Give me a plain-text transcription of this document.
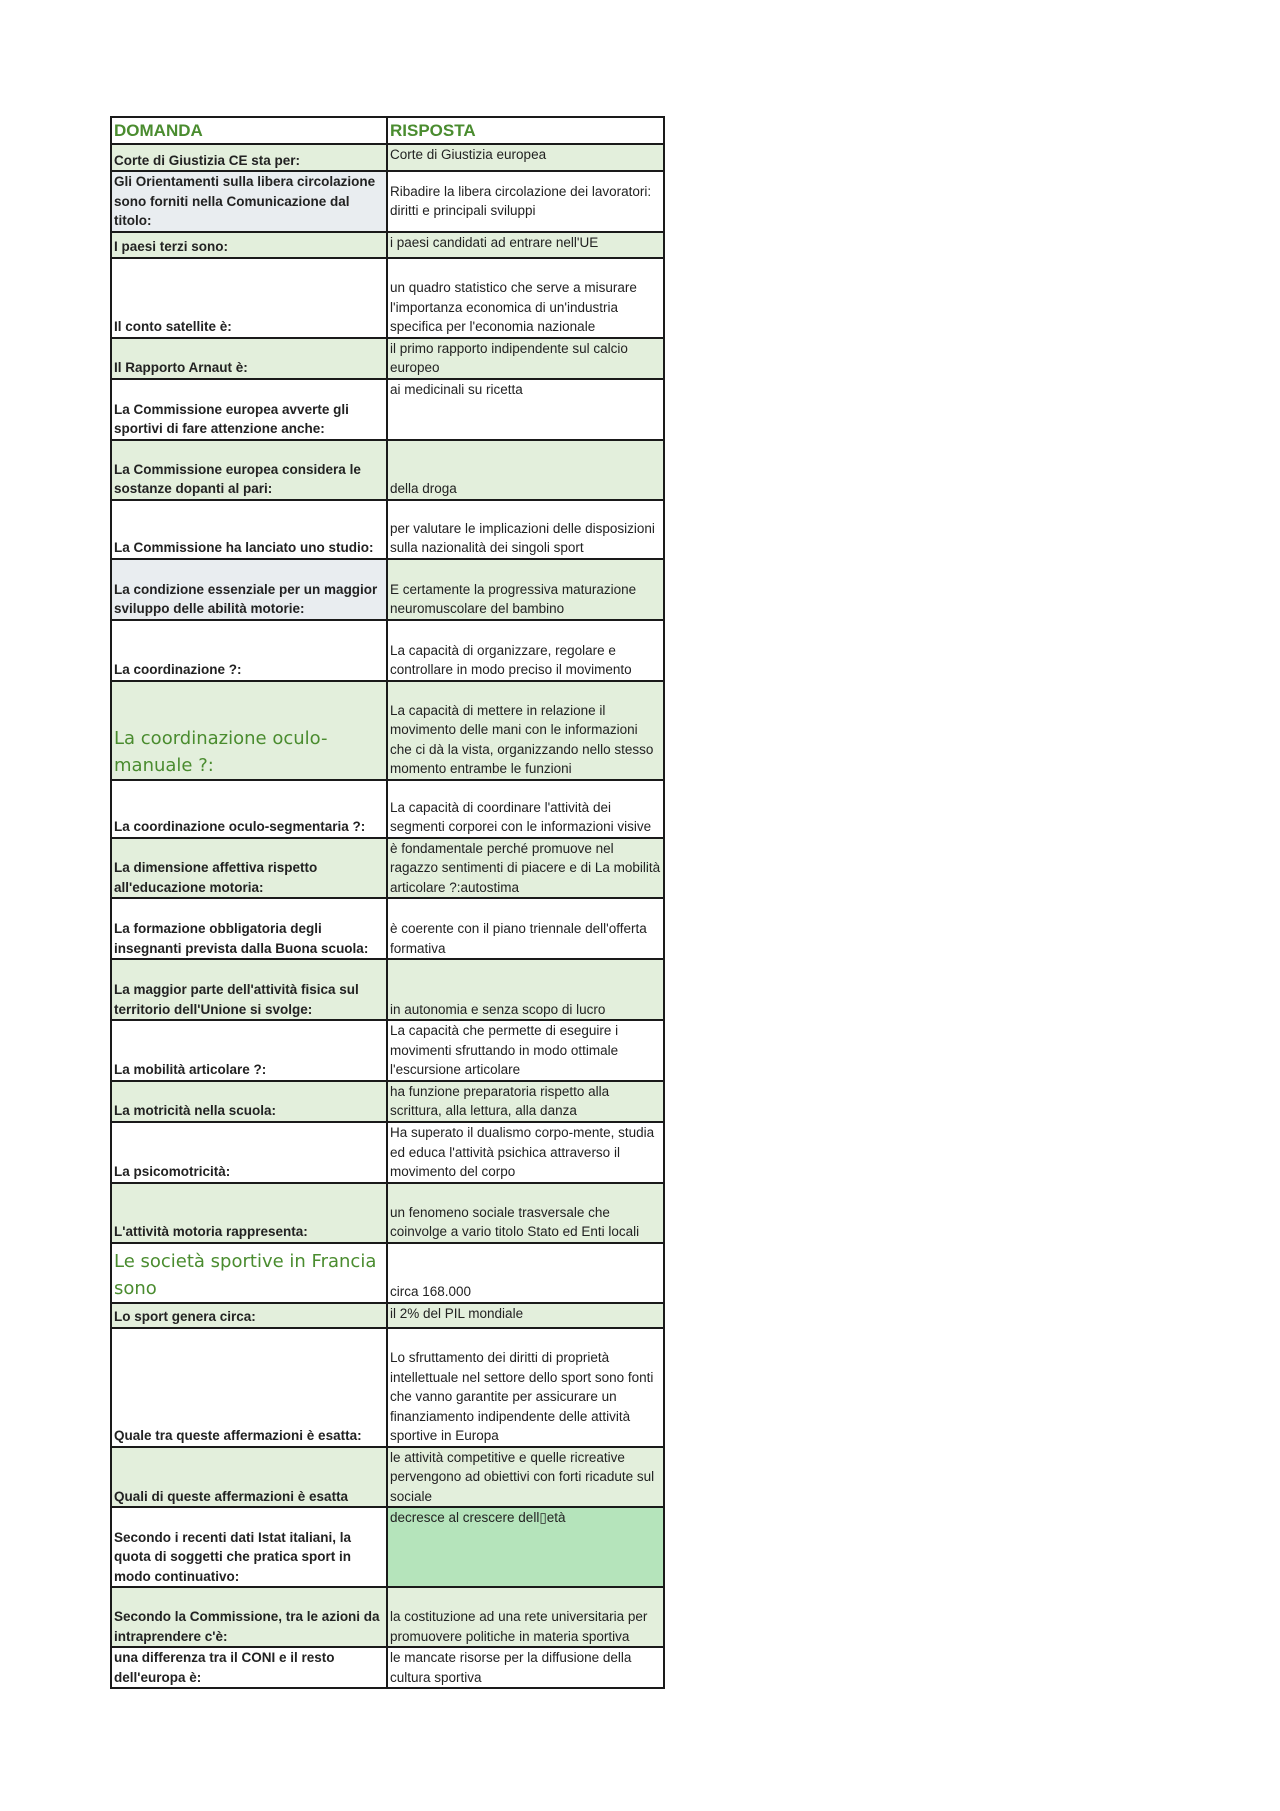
DOMANDA	RISPOSTA
Corte di Giustizia CE sta per:	Corte di Giustizia europea
Gli Orientamenti sulla libera circolazione sono forniti nella Comunicazione dal titolo:	Ribadire la libera circolazione dei lavoratori: diritti e principali sviluppi
I paesi terzi sono:	i paesi candidati ad entrare nell'UE
Il conto satellite è:	un quadro statistico che serve a misurare l'importanza economica di un'industria specifica per l'economia nazionale
Il Rapporto Arnaut è:	il primo rapporto indipendente sul calcio europeo
La Commissione europea avverte gli sportivi di fare attenzione anche:	ai medicinali su ricetta
La Commissione europea considera le sostanze dopanti al pari:	della droga
La Commissione ha lanciato uno studio:	per valutare le implicazioni delle disposizioni sulla nazionalità dei singoli sport
La condizione essenziale per un maggior sviluppo delle abilità motorie:	E certamente la progressiva maturazione neuromuscolare del bambino
La coordinazione ?:	La capacità di organizzare, regolare e controllare in modo preciso il movimento
La coordinazione oculo-manuale ?:	La capacità di mettere in relazione il movimento delle mani con le informazioni che ci dà la vista, organizzando nello stesso momento entrambe le funzioni
La coordinazione oculo-segmentaria ?:	La capacità di coordinare l'attività dei segmenti corporei con le informazioni visive
La dimensione affettiva rispetto all'educazione motoria:	è fondamentale perché promuove nel ragazzo sentimenti di piacere e di La mobilità articolare ?:autostima
La formazione obbligatoria degli insegnanti prevista dalla Buona scuola:	è coerente con il piano triennale dell'offerta formativa
La maggior parte dell'attività fisica sul territorio dell'Unione si svolge:	in autonomia e senza scopo di lucro
La mobilità articolare ?:	La capacità che permette di eseguire i movimenti sfruttando in modo ottimale l'escursione articolare
La motricità nella scuola:	ha funzione preparatoria rispetto alla scrittura, alla lettura, alla danza
La psicomotricità:	Ha superato il dualismo corpo-mente, studia ed educa l'attività psichica attraverso il movimento del corpo
L'attività motoria rappresenta:	un fenomeno sociale trasversale che coinvolge a vario titolo Stato ed Enti locali
Le società sportive in Francia sono	circa 168.000
Lo sport genera circa:	il 2% del PIL mondiale
Quale tra queste affermazioni è esatta:	Lo sfruttamento dei diritti di proprietà intellettuale nel settore dello sport sono fonti che vanno garantite per assicurare un finanziamento indipendente delle attività sportive in Europa
Quali di queste affermazioni è esatta	le attività competitive e quelle ricreative pervengono ad obiettivi con forti ricadute sul sociale
Secondo i recenti dati Istat italiani, la quota di soggetti che pratica sport in modo continuativo:	decresce al crescere dell▯età
Secondo la Commissione, tra le azioni da intraprendere c'è:	la costituzione ad una rete universitaria per promuovere politiche in materia sportiva
una differenza tra il CONI e il resto dell'europa è:	le mancate risorse per la diffusione della cultura sportiva
